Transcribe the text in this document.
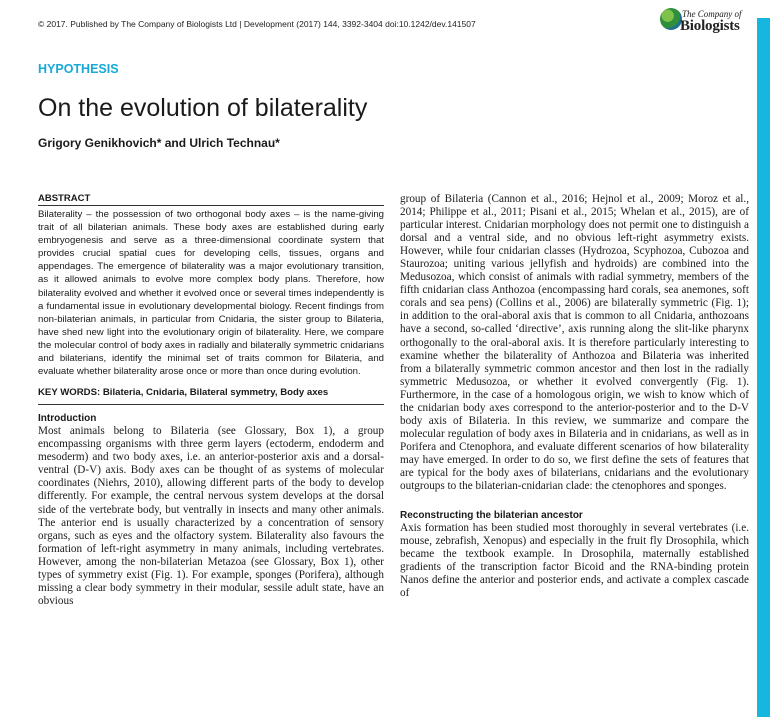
© 2017. Published by The Company of Biologists Ltd | Development (2017) 144, 3392-3404 doi:10.1242/dev.141507
The Company of
Biologists
HYPOTHESIS
On the evolution of bilaterality
Grigory Genikhovich* and Ulrich Technau*
ABSTRACT

Bilaterality – the possession of two orthogonal body axes – is the name-giving trait of all bilaterian animals. These body axes are established during early embryogenesis and serve as a three-dimensional coordinate system that provides crucial spatial cues for developing cells, tissues, organs and appendages. The emergence of bilaterality was a major evolutionary transition, as it allowed animals to evolve more complex body plans. Therefore, how bilaterality evolved and whether it evolved once or several times independently is a fundamental issue in evolutionary developmental biology. Recent findings from non-bilaterian animals, in particular from Cnidaria, the sister group to Bilateria, have shed new light into the evolutionary origin of bilaterality. Here, we compare the molecular control of body axes in radially and bilaterally symmetric cnidarians and bilaterians, identify the minimal set of traits common for Bilateria, and evaluate whether bilaterality arose once or more than once during evolution.

KEY WORDS: Bilateria, Cnidaria, Bilateral symmetry, Body axes
Introduction

Most animals belong to Bilateria (see Glossary, Box 1), a group encompassing organisms with three germ layers (ectoderm, endoderm and mesoderm) and two body axes, i.e. an anterior-posterior axis and a dorsal-ventral (D-V) axis. Body axes can be thought of as systems of molecular coordinates (Niehrs, 2010), allowing different parts of the body to develop differently. For example, the central nervous system develops at the dorsal side of the vertebrate body, but ventrally in insects and many other animals. The anterior end is usually characterized by a concentration of sensory organs, such as eyes and the olfactory system. Bilaterality also favours the formation of left-right asymmetry in many animals, including vertebrates. However, among the non-bilaterian Metazoa (see Glossary, Box 1), other types of symmetry exist (Fig. 1). For example, sponges (Porifera), although missing a clear body symmetry in their modular, sessile adult state, have an obvious

group of Bilateria (Cannon et al., 2016; Hejnol et al., 2009; Moroz et al., 2014; Philippe et al., 2011; Pisani et al., 2015; Whelan et al., 2015), are of particular interest. Cnidarian morphology does not permit one to distinguish a dorsal and a ventral side, and no obvious left-right asymmetry exists. However, while four cnidarian classes (Hydrozoa, Scyphozoa, Cubozoa and Staurozoa; uniting various jellyfish and hydroids) are combined into the Medusozoa, which consist of animals with radial symmetry, members of the fifth cnidarian class Anthozoa (encompassing hard corals, sea anemones, soft corals and sea pens) (Collins et al., 2006) are bilaterally symmetric (Fig. 1); in addition to the oral-aboral axis that is common to all Cnidaria, anthozoans have a second, so-called ‘directive’, axis running along the slit-like pharynx orthogonally to the oral-aboral axis. It is therefore particularly interesting to examine whether the bilaterality of Anthozoa and Bilateria was inherited from a bilaterally symmetric common ancestor and then lost in the radially symmetric Medusozoa, or whether it evolved convergently (Fig. 1). Furthermore, in the case of a homologous origin, we wish to know which of the cnidarian body axes correspond to the anterior-posterior and to the D-V body axis of Bilateria. In this review, we summarize and compare the molecular regulation of body axes in Bilateria and in cnidarians, as well as in Porifera and Ctenophora, and evaluate different scenarios of how bilaterality may have emerged. In order to do so, we first define the sets of features that are typical for the body axes of bilaterians, cnidarians and the evolutionary outgroups to the bilaterian-cnidarian clade: the ctenophores and sponges.

Reconstructing the bilaterian ancestor

Axis formation has been studied most thoroughly in several vertebrates (i.e. mouse, zebrafish, Xenopus) and especially in the fruit fly Drosophila, which became the textbook example. In Drosophila, maternally established gradients of the transcription factor Bicoid and the RNA-binding protein Nanos define the anterior and posterior ends, and activate a complex cascade of
